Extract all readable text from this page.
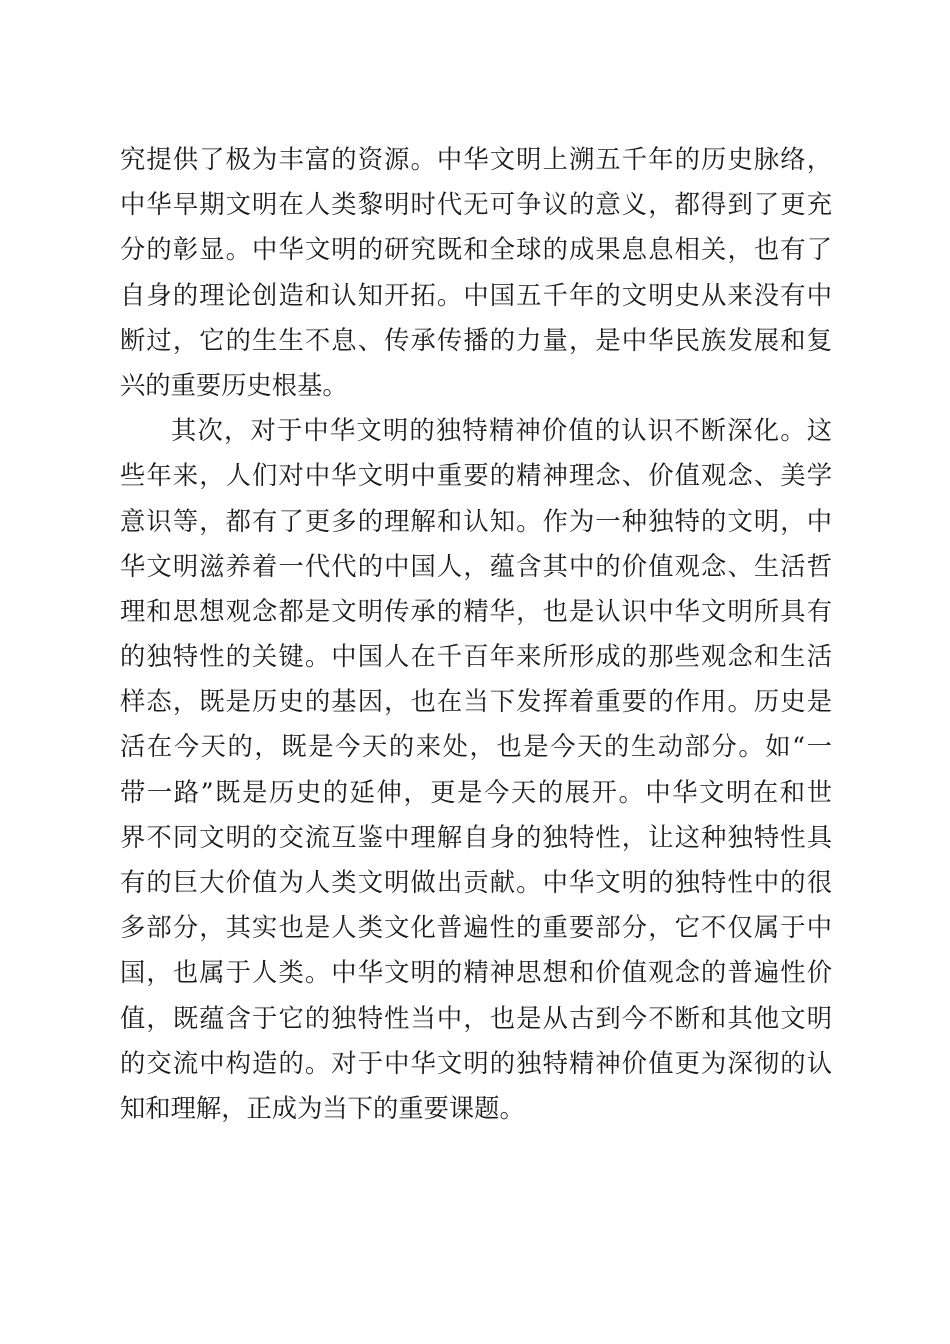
究提供了极为丰富的资源。中华文明上溯五千年的历史脉络，
中华早期文明在人类黎明时代无可争议的意义，都得到了更充
分的彰显。中华文明的研究既和全球的成果息息相关，也有了
自身的理论创造和认知开拓。中国五千年的文明史从来没有中
断过，它的生生不息、传承传播的力量，是中华民族发展和复
兴的重要历史根基。
其次，对于中华文明的独特精神价值的认识不断深化。这
些年来，人们对中华文明中重要的精神理念、价值观念、美学
意识等，都有了更多的理解和认知。作为一种独特的文明，中
华文明滋养着一代代的中国人，蕴含其中的价值观念、生活哲
理和思想观念都是文明传承的精华，也是认识中华文明所具有
的独特性的关键。中国人在千百年来所形成的那些观念和生活
样态，既是历史的基因，也在当下发挥着重要的作用。历史是
活在今天的，既是今天的来处，也是今天的生动部分。如“一
带一路”既是历史的延伸，更是今天的展开。中华文明在和世
界不同文明的交流互鉴中理解自身的独特性，让这种独特性具
有的巨大价值为人类文明做出贡献。中华文明的独特性中的很
多部分，其实也是人类文化普遍性的重要部分，它不仅属于中
国，也属于人类。中华文明的精神思想和价值观念的普遍性价
值，既蕴含于它的独特性当中，也是从古到今不断和其他文明
的交流中构造的。对于中华文明的独特精神价值更为深彻的认
知和理解，正成为当下的重要课题。
